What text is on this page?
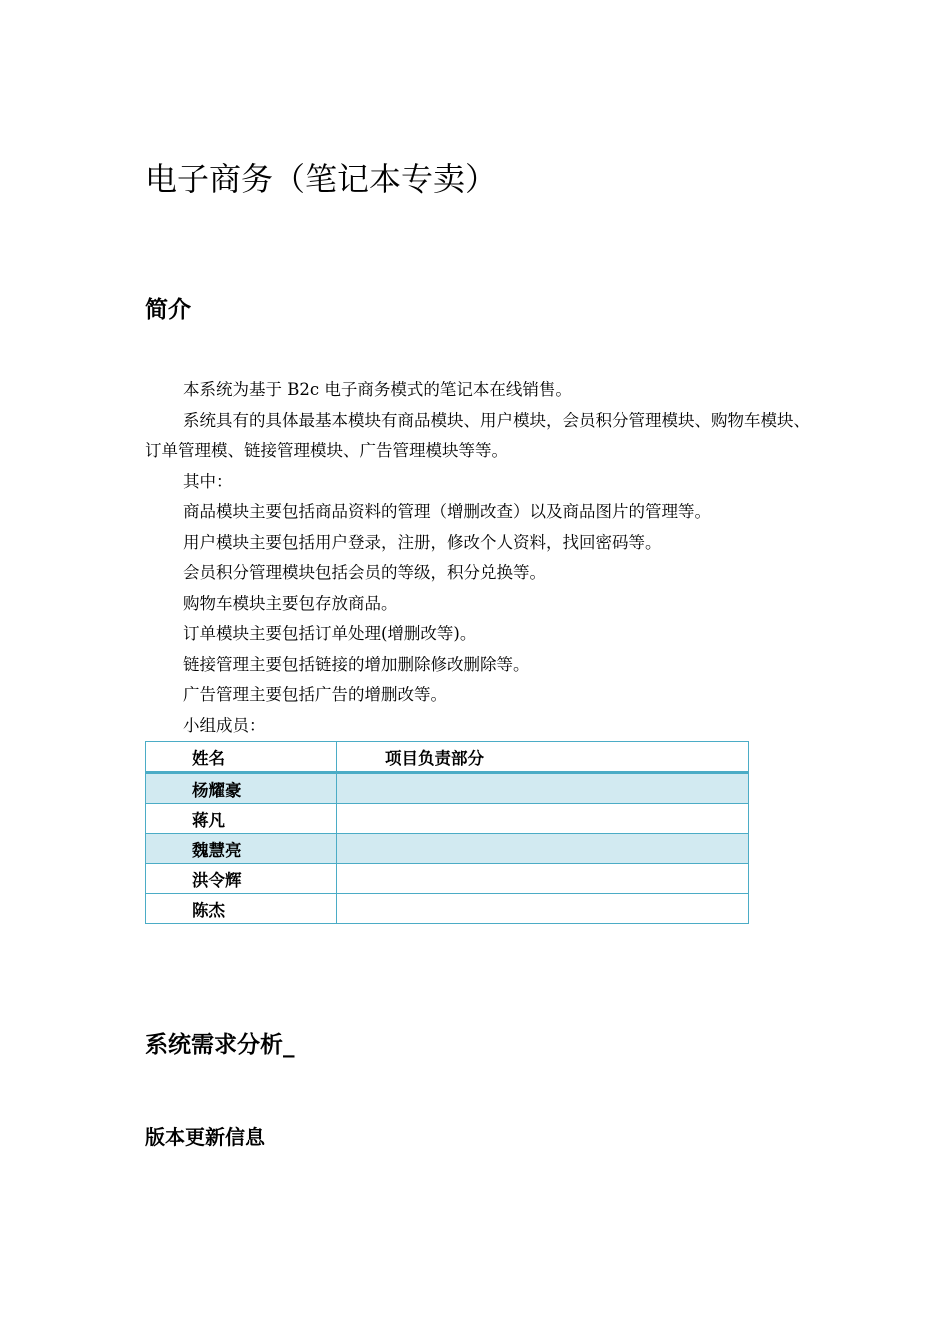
电子商务（笔记本专卖）
简介

本系统为基于 B2c 电子商务模式的笔记本在线销售。

系统具有的具体最基本模块有商品模块、用户模块，会员积分管理模块、购物车模块、订单管理模、链接管理模块、广告管理模块等等。

其中：

商品模块主要包括商品资料的管理（增删改查）以及商品图片的管理等。

用户模块主要包括用户登录，注册，修改个人资料，找回密码等。

会员积分管理模块包括会员的等级，积分兑换等。

购物车模块主要包存放商品。

订单模块主要包括订单处理(增删改等)。

链接管理主要包括链接的增加删除修改删除等。

广告管理主要包括广告的增删改等。

小组成员：

姓名	项目负责部分
杨耀豪	
蒋凡	
魏慧亮	
洪令辉	
陈杰	
系统需求分析_
版本更新信息
